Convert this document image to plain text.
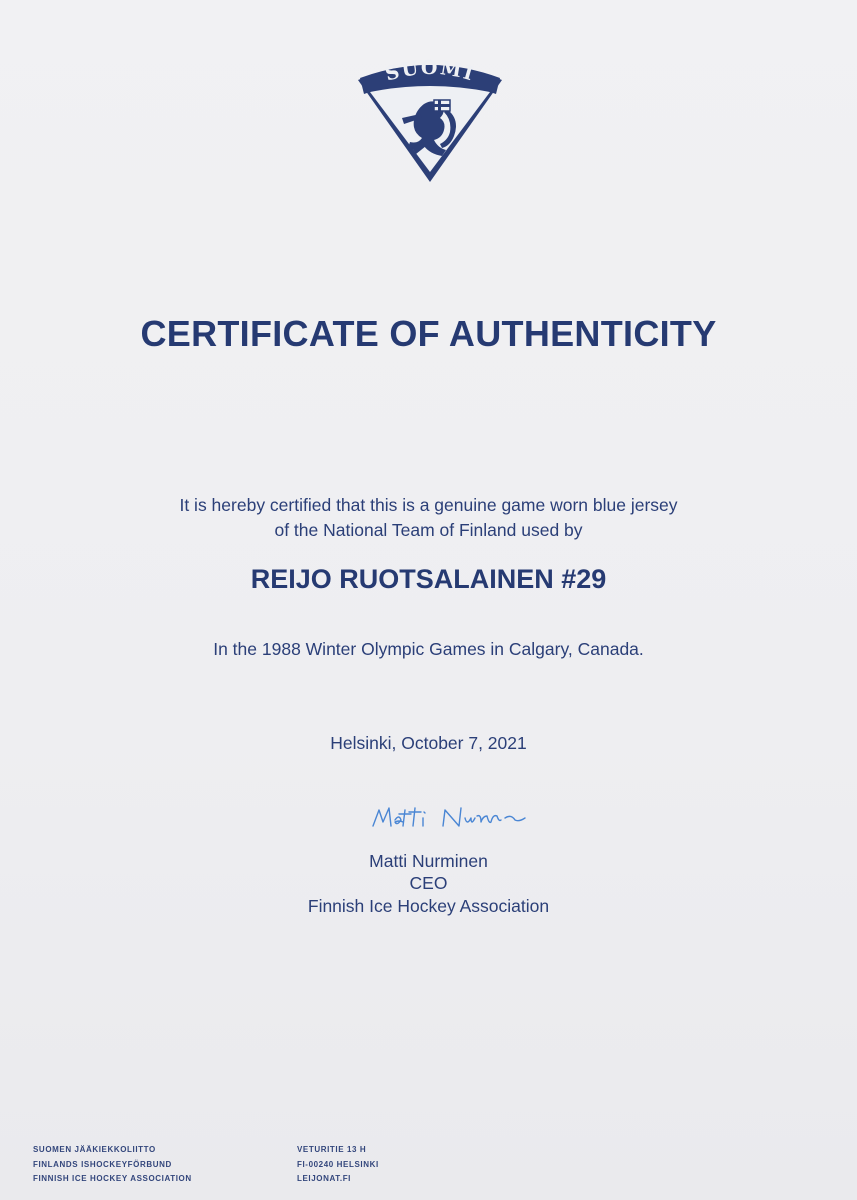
SUOMI
CERTIFICATE OF AUTHENTICITY
It is hereby certified that this is a genuine game worn blue jersey
of the National Team of Finland used by
REIJO RUOTSALAINEN #29
In the 1988 Winter Olympic Games in Calgary, Canada.
Helsinki, October 7, 2021
Matti Nurminen
CEO
Finnish Ice Hockey Association
SUOMEN JÄÄKIEKKOLIITTO
FINLANDS ISHOCKEYFÖRBUND
FINNISH ICE HOCKEY ASSOCIATION
VETURITIE 13 H
FI-00240 HELSINKI
LEIJONAT.FI
